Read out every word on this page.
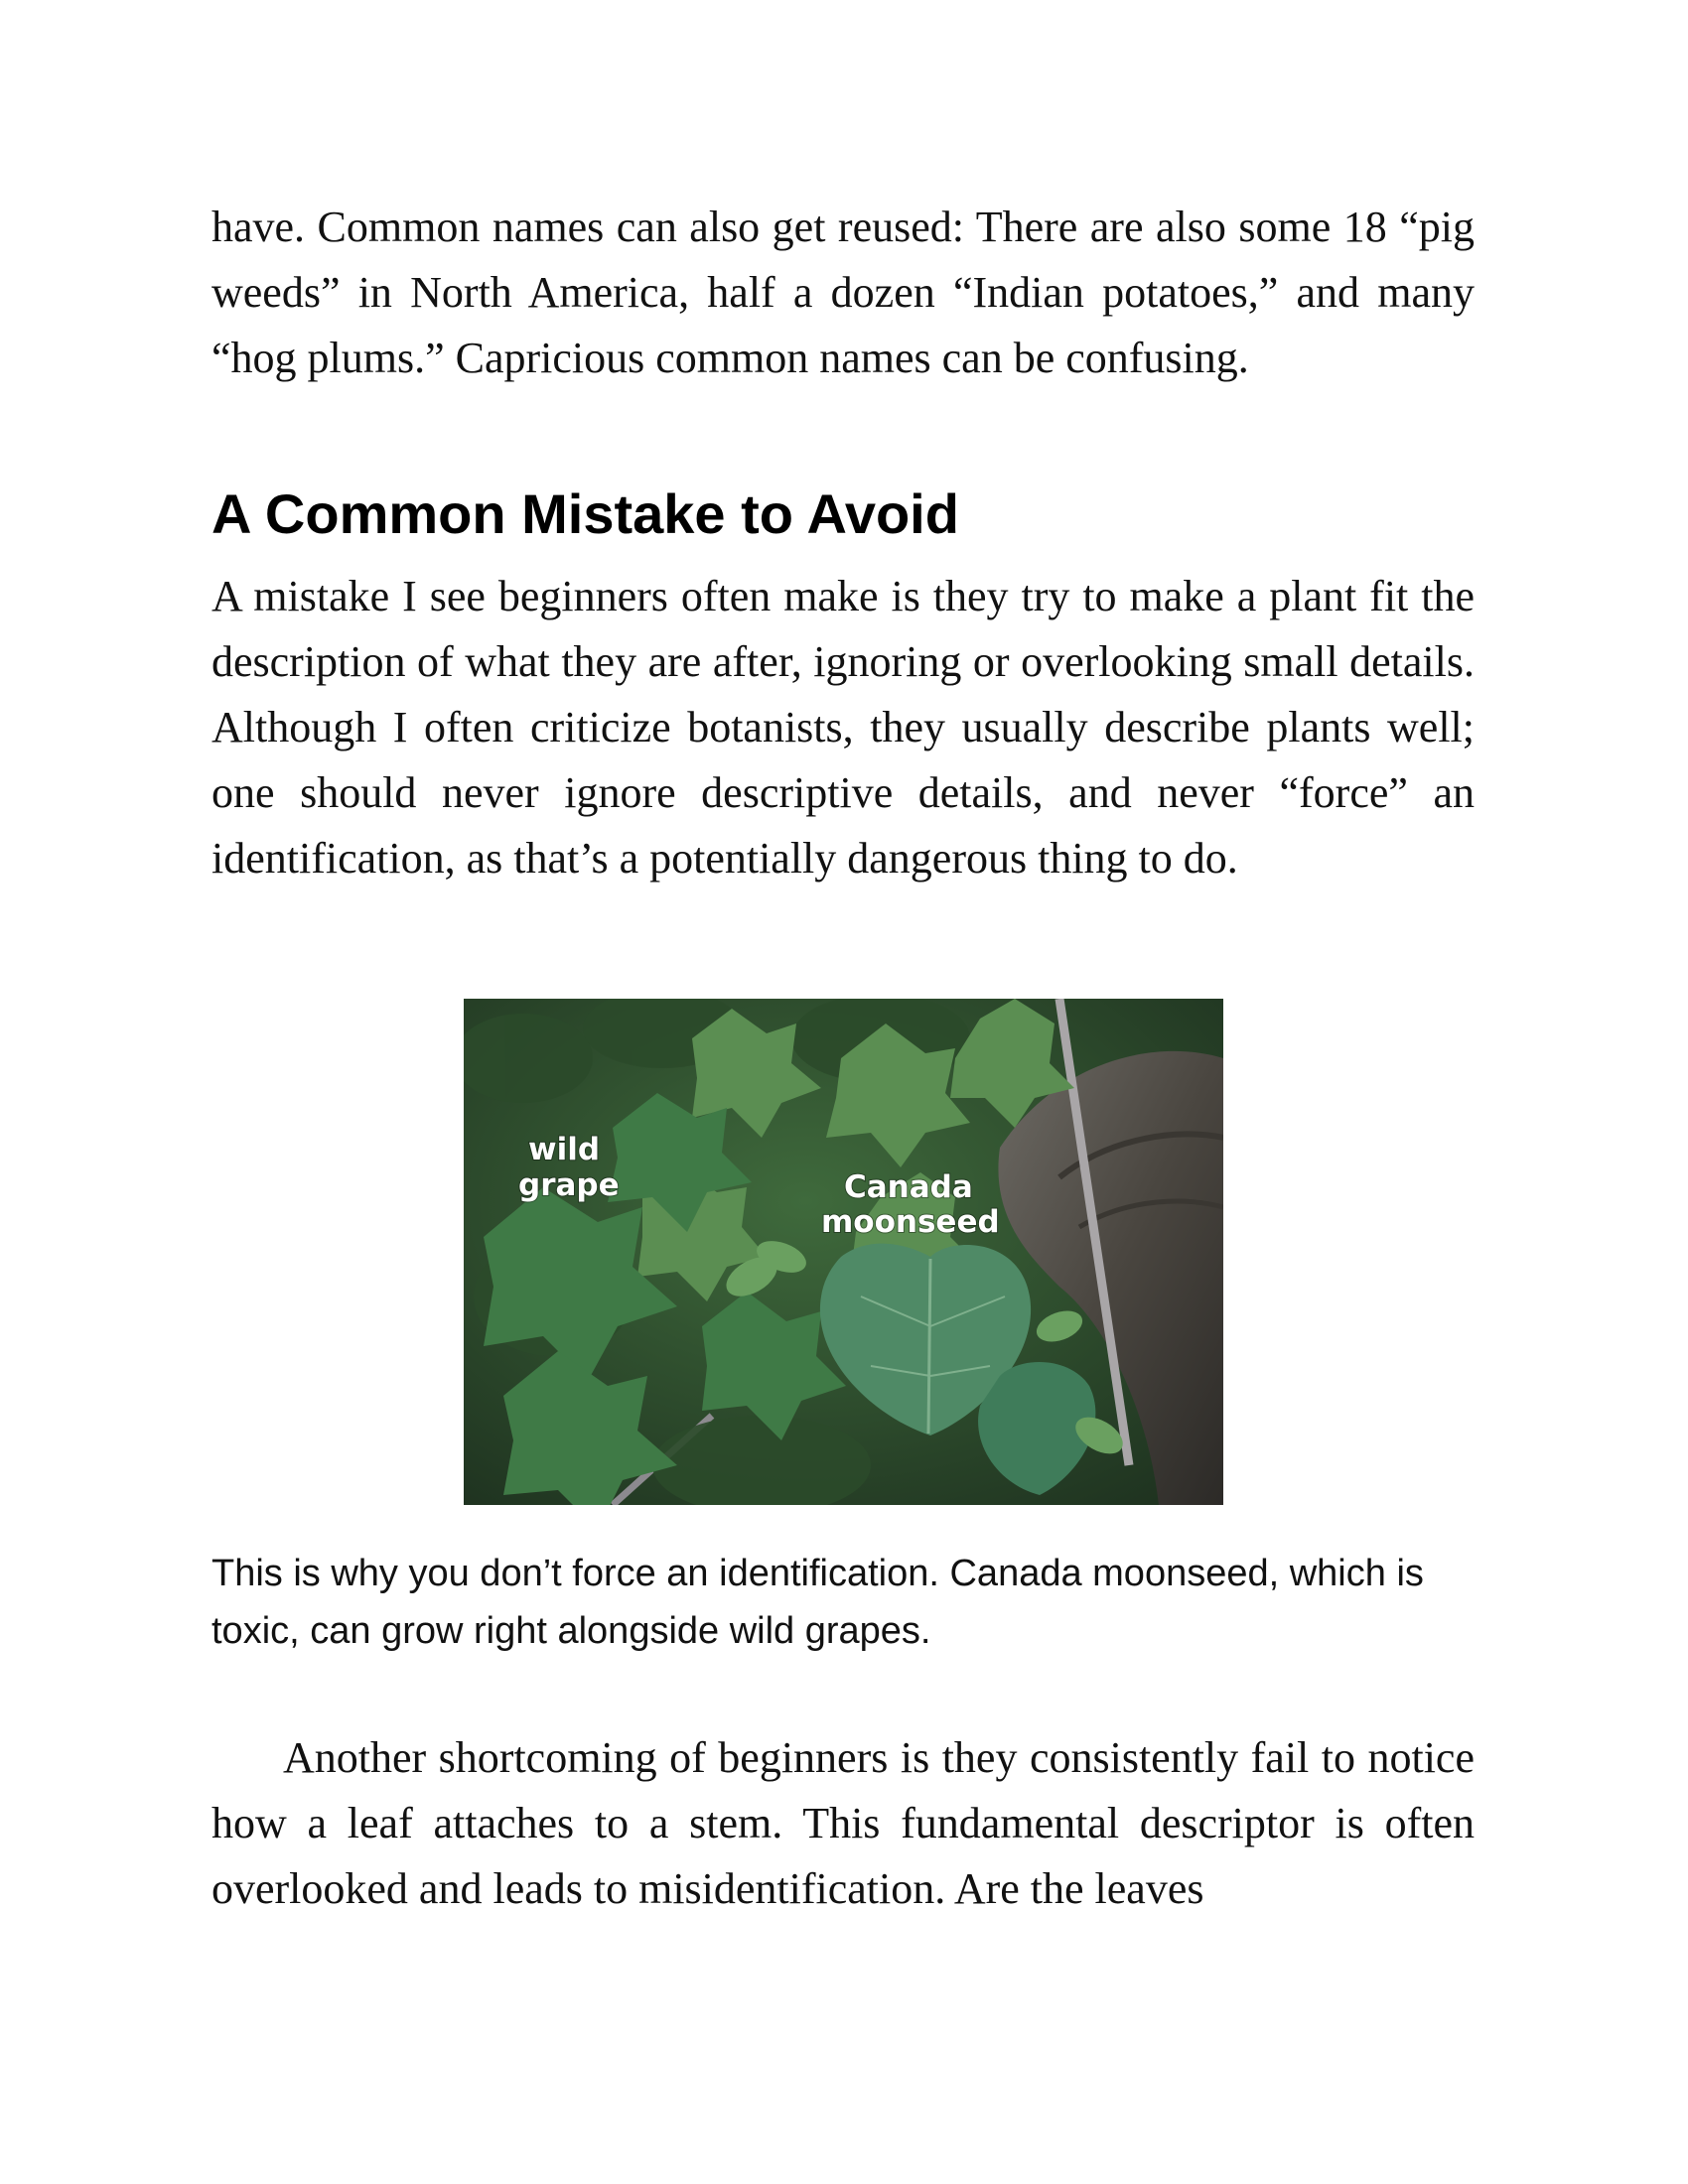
have. Common names can also get reused: There are also some 18 “pig weeds” in North America, half a dozen “Indian potatoes,” and many “hog plums.” Capricious common names can be confusing.

A Common Mistake to Avoid

A mistake I see beginners often make is they try to make a plant fit the description of what they are after, ignoring or overlooking small details. Although I often criticize botanists, they usually describe plants well; one should never ignore descriptive details, and never “force” an identification, as that’s a potentially dangerous thing to do.

wild
grape	Canada
moonseed

This is why you don’t force an identification. Canada moonseed, which is toxic, can grow right alongside wild grapes.

Another shortcoming of beginners is they consistently fail to notice how a leaf attaches to a stem. This fundamental descriptor is often overlooked and leads to misidentification. Are the leaves
